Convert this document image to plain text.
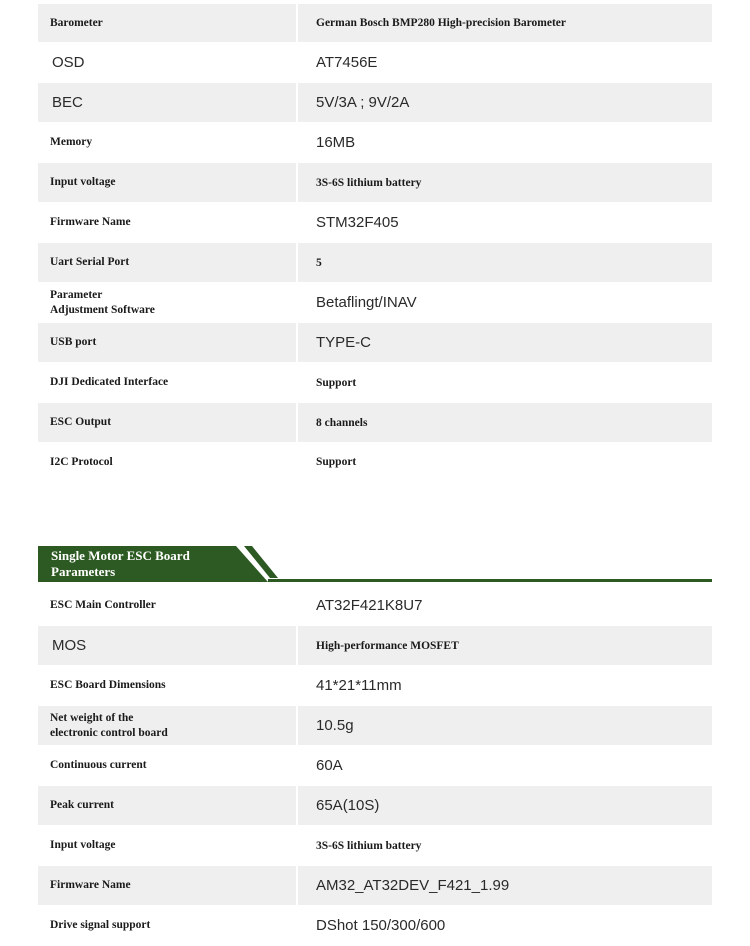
Barometer	German Bosch BMP280 High-precision Barometer
OSD	AT7456E
BEC	5V/3A ; 9V/2A
Memory	16MB
Input voltage	3S-6S lithium battery
Firmware Name	STM32F405
Uart Serial Port	5
Parameter
Adjustment Software	Betaflingt/INAV
USB port	TYPE-C
DJI Dedicated Interface	Support
ESC Output	8 channels
I2C Protocol	Support
Single Motor ESC Board
Parameters
ESC Main Controller	AT32F421K8U7
MOS	High-performance MOSFET
ESC Board Dimensions	41*21*11mm
Net weight of the
electronic control board	10.5g
Continuous current	60A
Peak current	65A(10S)
Input voltage	3S-6S lithium battery
Firmware Name	AM32_AT32DEV_F421_1.99
Drive signal support	DShot 150/300/600
